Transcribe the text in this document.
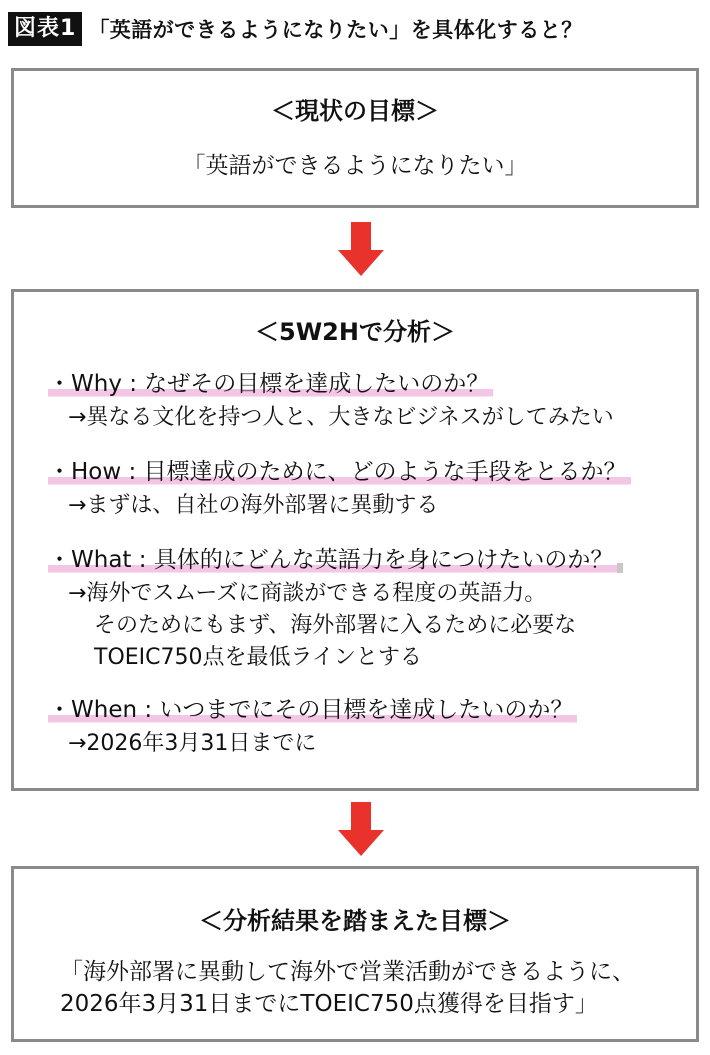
図表1 「英語ができるようになりたい」を具体化すると？
＜現状の目標＞
「英語ができるようになりたい」
＜5W2Hで分析＞
・Why : なぜその目標を達成したいのか？
→異なる文化を持つ人と、大きなビジネスがしてみたい
・How : 目標達成のために、どのような手段をとるか？
→まずは、自社の海外部署に異動する
・What : 具体的にどんな英語力を身につけたいのか？
→海外でスムーズに商談ができる程度の英語力。
そのためにもまず、海外部署に入るために必要な
TOEIC750点を最低ラインとする
・When : いつまでにその目標を達成したいのか？
→2026年3月31日までに
＜分析結果を踏まえた目標＞
「海外部署に異動して海外で営業活動ができるように、
2026年3月31日までにTOEIC750点獲得を目指す」
